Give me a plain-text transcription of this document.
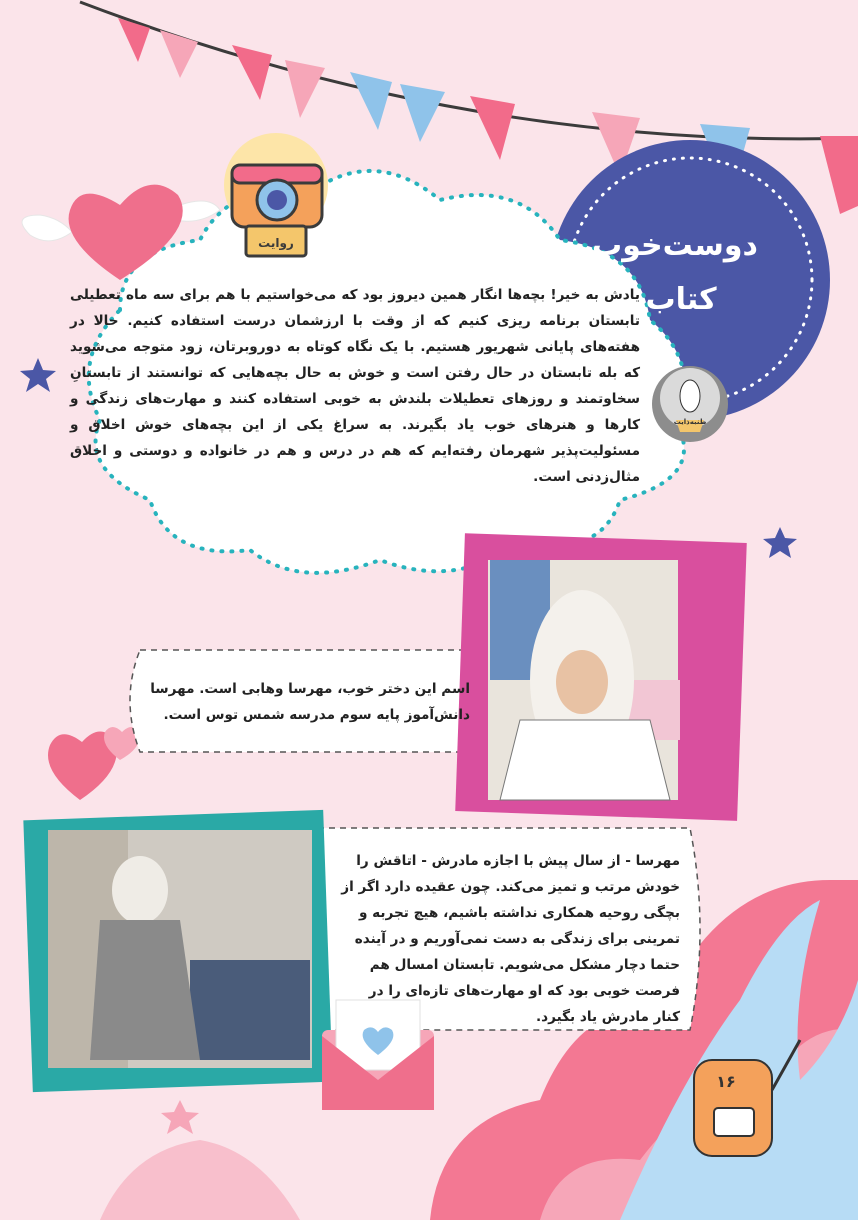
دوست‌خوب
کتاب‌ها
روایت
طنبه‌ذایت
یادش به خیر! بچه‌ها انگار همین دیروز بود که می‌خواستیم با هم برای سه ماه تعطیلی تابستان برنامه ریزی کنیم که از وقت با ارزشمان درست استفاده کنیم. حالا در هفته‌های پایانی شهریور هستیم. با یک نگاه کوتاه به دوروبرتان، زود متوجه می‌شوید که بله تابستان در حال رفتن است و خوش به حال بچه‌هایی که توانستند از تابستانِ سخاوتمند و روزهای تعطیلات بلندش به خوبی استفاده کنند و مهارت‌های زندگی و کارها و هنرهای خوب یاد بگیرند. به سراغ یکی از این بچه‌های خوش اخلاق و مسئولیت‌پذیر شهرمان رفته‌ایم که هم در درس و هم در خانواده و دوستی و اخلاق مثال‌زدنی است.
اسم این دختر خوب، مهرسا وهابی است. مهرسا دانش‌آموز پایه سوم مدرسه شمس توس است.
مهرسا - از سال پیش با اجازه مادرش - اتاقش را خودش مرتب و تمیز می‌کند. چون عقیده دارد اگر از بچگی روحیه همکاری نداشته باشیم، هیچ تجربه و تمرینی برای زندگی به دست نمی‌آوریم و در آینده حتما دچار مشکل می‌شویم. تابستان امسال هم فرصت خوبی بود که او مهارت‌های تازه‌ای را در کنار مادرش یاد بگیرد.
۱۶
